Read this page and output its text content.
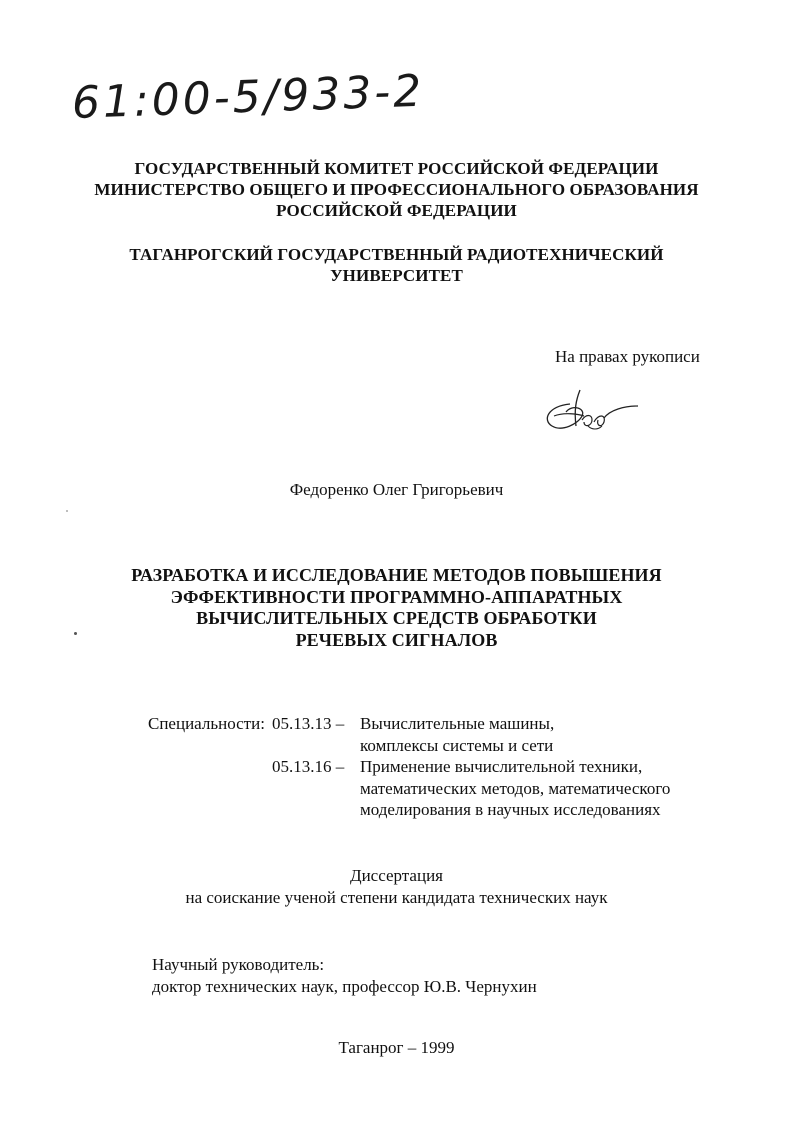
61:00-5/933-2
ГОСУДАРСТВЕННЫЙ КОМИТЕТ РОССИЙСКОЙ ФЕДЕРАЦИИ
МИНИСТЕРСТВО ОБЩЕГО И ПРОФЕССИОНАЛЬНОГО ОБРАЗОВАНИЯ
РОССИЙСКОЙ ФЕДЕРАЦИИ
ТАГАНРОГСКИЙ ГОСУДАРСТВЕННЫЙ РАДИОТЕХНИЧЕСКИЙ
УНИВЕРСИТЕТ
На правах рукописи
Федоренко Олег Григорьевич
РАЗРАБОТКА И ИССЛЕДОВАНИЕ МЕТОДОВ ПОВЫШЕНИЯ
ЭФФЕКТИВНОСТИ ПРОГРАММНО-АППАРАТНЫХ
ВЫЧИСЛИТЕЛЬНЫХ СРЕДСТВ ОБРАБОТКИ
РЕЧЕВЫХ СИГНАЛОВ
Специальности: 05.13.13 – Вычислительные машины,
комплексы системы и сети
05.13.16 – Применение вычислительной техники,
математических методов, математического
моделирования в научных исследованиях
Диссертация
на соискание ученой степени кандидата технических наук
Научный руководитель:
доктор технических наук, профессор Ю.В. Чернухин
Таганрог – 1999
